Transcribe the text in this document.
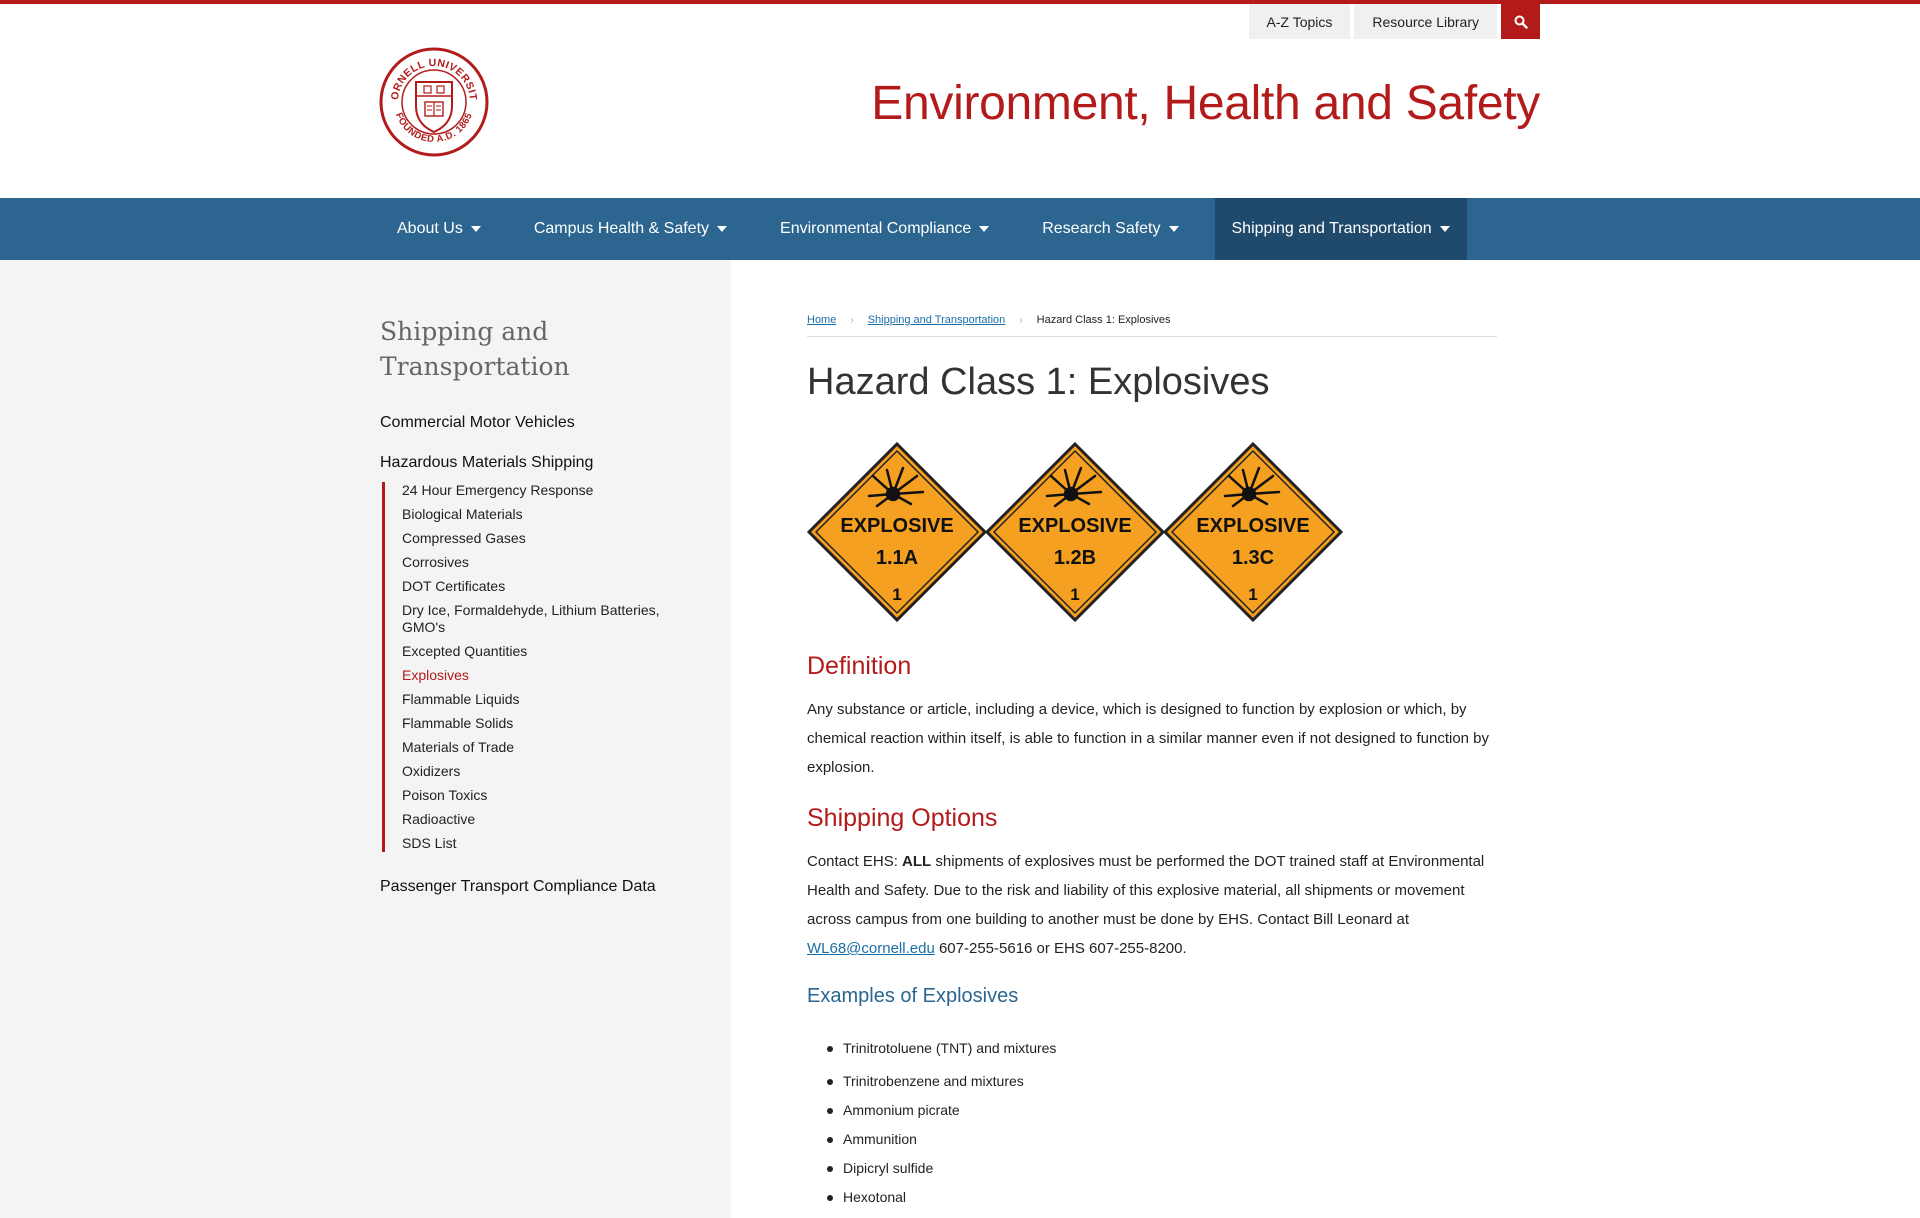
A-Z Topics	Resource Library
ORNELL UNIVERSIT
FOUNDED A.D. 1865	Environment, Health and Safety
About Us	Campus Health & Safety	Environmental Compliance	Research Safety	Shipping and Transportation
Shipping and Transportation
Commercial Motor Vehicles
Hazardous Materials Shipping
24 Hour Emergency Response
Biological Materials
Compressed Gases
Corrosives
DOT Certificates
Dry Ice, Formaldehyde, Lithium Batteries, GMO's
Excepted Quantities
Explosives
Flammable Liquids
Flammable Solids
Materials of Trade
Oxidizers
Poison Toxics
Radioactive
SDS List
Passenger Transport Compliance Data
Home › Shipping and Transportation › Hazard Class 1: Explosives
Hazard Class 1: Explosives
EXPLOSIVE
1.1A
1
EXPLOSIVE
1.2B
1
EXPLOSIVE
1.3C
1
Definition

Any substance or article, including a device, which is designed to function by explosion or which, by chemical reaction within itself, is able to function in a similar manner even if not designed to function by explosion.

Shipping Options

Contact EHS: ALL shipments of explosives must be performed the DOT trained staff at Environmental Health and Safety. Due to the risk and liability of this explosive material, all shipments or movement across campus from one building to another must be done by EHS. Contact Bill Leonard at WL68@cornell.edu 607-255-5616 or EHS 607-255-8200.

Examples of Explosives
Trinitrotoluene (TNT) and mixtures
Trinitrobenzene and mixtures
Ammonium picrate
Ammunition
Dipicryl sulfide
Hexotonal
